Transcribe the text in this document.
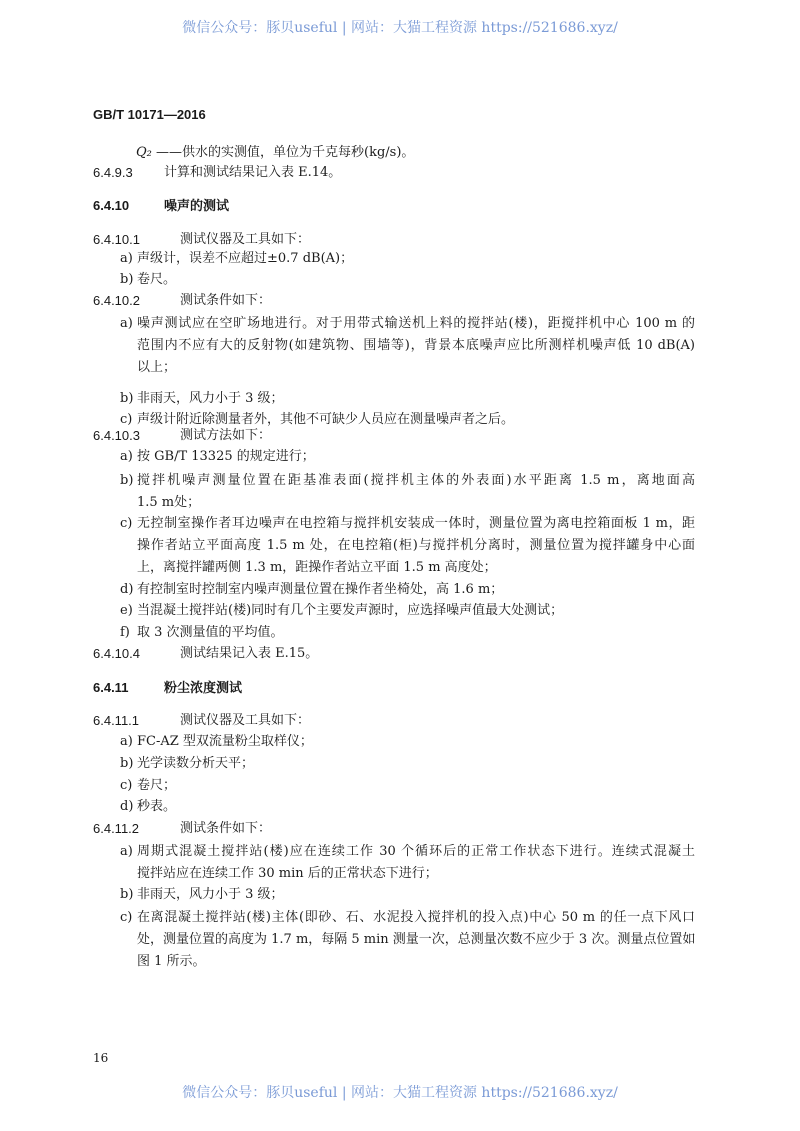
微信公众号：豚贝useful | 网站：大猫工程资源 https://521686.xyz/
GB/T 10171—2016
Q₂ ——供水的实测值，单位为千克每秒(kg/s)。
6.4.9.3 计算和测试结果记入表 E.14。
6.4.10	噪声的测试
6.4.10.1	测试仪器及工具如下：
a) 声级计，误差不应超过±0.7 dB(A)；
b) 卷尺。
6.4.10.2	测试条件如下：
a) 噪声测试应在空旷场地进行。对于用带式输送机上料的搅拌站(楼)，距搅拌机中心 100 m 的
范围内不应有大的反射物(如建筑物、围墙等)，背景本底噪声应比所测样机噪声低 10 dB(A)
以上；
b) 非雨天，风力小于 3 级；
c) 声级计附近除测量者外，其他不可缺少人员应在测量噪声者之后。
6.4.10.3	测试方法如下：
a) 按 GB/T 13325 的规定进行；
b) 搅拌机噪声测量位置在距基准表面(搅拌机主体的外表面)水平距离 1.5 m，离地面高
1.5 m处；
c) 无控制室操作者耳边噪声在电控箱与搅拌机安装成一体时，测量位置为离电控箱面板 1 m，距
操作者站立平面高度 1.5 m 处，在电控箱(柜)与搅拌机分离时，测量位置为搅拌罐身中心面
上，离搅拌罐两侧 1.3 m，距操作者站立平面 1.5 m 高度处；
d) 有控制室时控制室内噪声测量位置在操作者坐椅处，高 1.6 m；
e) 当混凝土搅拌站(楼)同时有几个主要发声源时，应选择噪声值最大处测试；
f) 取 3 次测量值的平均值。
6.4.10.4	测试结果记入表 E.15。
6.4.11	粉尘浓度测试
6.4.11.1	测试仪器及工具如下：
a) FC-AZ 型双流量粉尘取样仪；
b) 光学读数分析天平；
c) 卷尺；
d) 秒表。
6.4.11.2	测试条件如下：
a) 周期式混凝土搅拌站(楼)应在连续工作 30 个循环后的正常工作状态下进行。连续式混凝土
搅拌站应在连续工作 30 min 后的正常状态下进行；
b) 非雨天，风力小于 3 级；
c) 在离混凝土搅拌站(楼)主体(即砂、石、水泥投入搅拌机的投入点)中心 50 m 的任一点下风口
处，测量位置的高度为 1.7 m，每隔 5 min 测量一次，总测量次数不应少于 3 次。测量点位置如
图 1 所示。
16
微信公众号：豚贝useful | 网站：大猫工程资源 https://521686.xyz/
